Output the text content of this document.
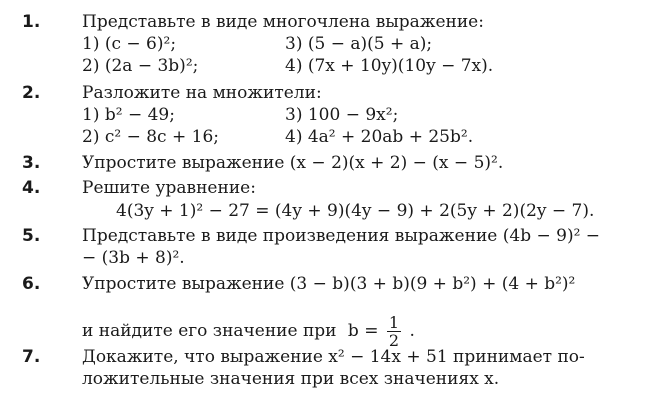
1.	Представьте в виде многочлена выражение:
1) (c − 6)²;	3) (5 − a)(5 + a);
2) (2a − 3b)²;	4) (7x + 10y)(10y − 7x).
2.	Разложите на множители:
1) b² − 49;	3) 100 − 9x²;
2) c² − 8c + 16;	4) 4a² + 20ab + 25b².
3.	Упростите выражение (x − 2)(x + 2) − (x − 5)².
4.	Решите уравнение:
4(3y + 1)² − 27 = (4y + 9)(4y − 9) + 2(5y + 2)(2y − 7).
5.	Представьте в виде произведения выражение (4b − 9)² −
− (3b + 8)².
6.	Упростите выражение (3 − b)(3 + b)(9 + b²) + (4 + b²)²
и найдите его значение при $b = \frac{1}{2}$ .
7.	Докажите, что выражение x² − 14x + 51 принимает по-
ложительные значения при всех значениях x.
